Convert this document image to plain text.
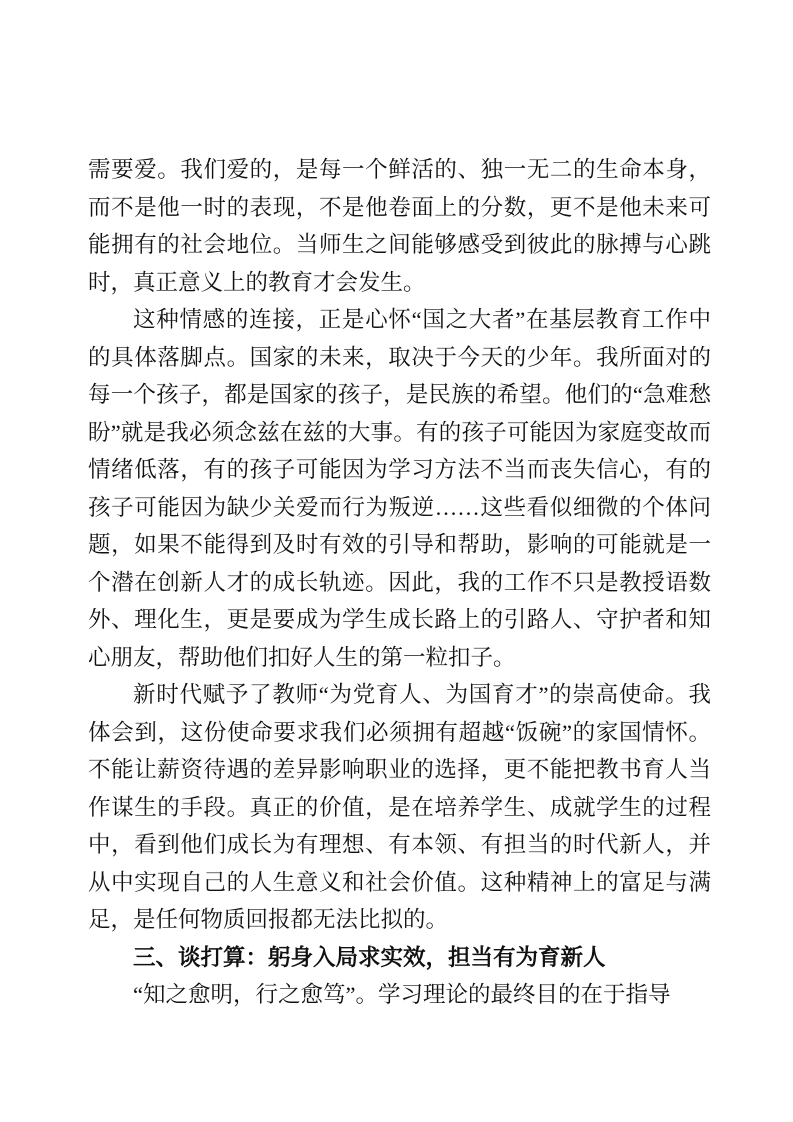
需要爱。我们爱的，是每一个鲜活的、独一无二的生命本身，而不是他一时的表现，不是他卷面上的分数，更不是他未来可能拥有的社会地位。当师生之间能够感受到彼此的脉搏与心跳时，真正意义上的教育才会发生。

这种情感的连接，正是心怀“国之大者”在基层教育工作中的具体落脚点。国家的未来，取决于今天的少年。我所面对的每一个孩子，都是国家的孩子，是民族的希望。他们的“急难愁盼”就是我必须念兹在兹的大事。有的孩子可能因为家庭变故而情绪低落，有的孩子可能因为学习方法不当而丧失信心，有的孩子可能因为缺少关爱而行为叛逆……这些看似细微的个体问题，如果不能得到及时有效的引导和帮助，影响的可能就是一个潜在创新人才的成长轨迹。因此，我的工作不只是教授语数外、理化生，更是要成为学生成长路上的引路人、守护者和知心朋友，帮助他们扣好人生的第一粒扣子。

新时代赋予了教师“为党育人、为国育才”的崇高使命。我体会到，这份使命要求我们必须拥有超越“饭碗”的家国情怀。不能让薪资待遇的差异影响职业的选择，更不能把教书育人当作谋生的手段。真正的价值，是在培养学生、成就学生的过程中，看到他们成长为有理想、有本领、有担当的时代新人，并从中实现自己的人生意义和社会价值。这种精神上的富足与满足，是任何物质回报都无法比拟的。

三、谈打算：躬身入局求实效，担当有为育新人

“知之愈明，行之愈笃”。学习理论的最终目的在于指导
